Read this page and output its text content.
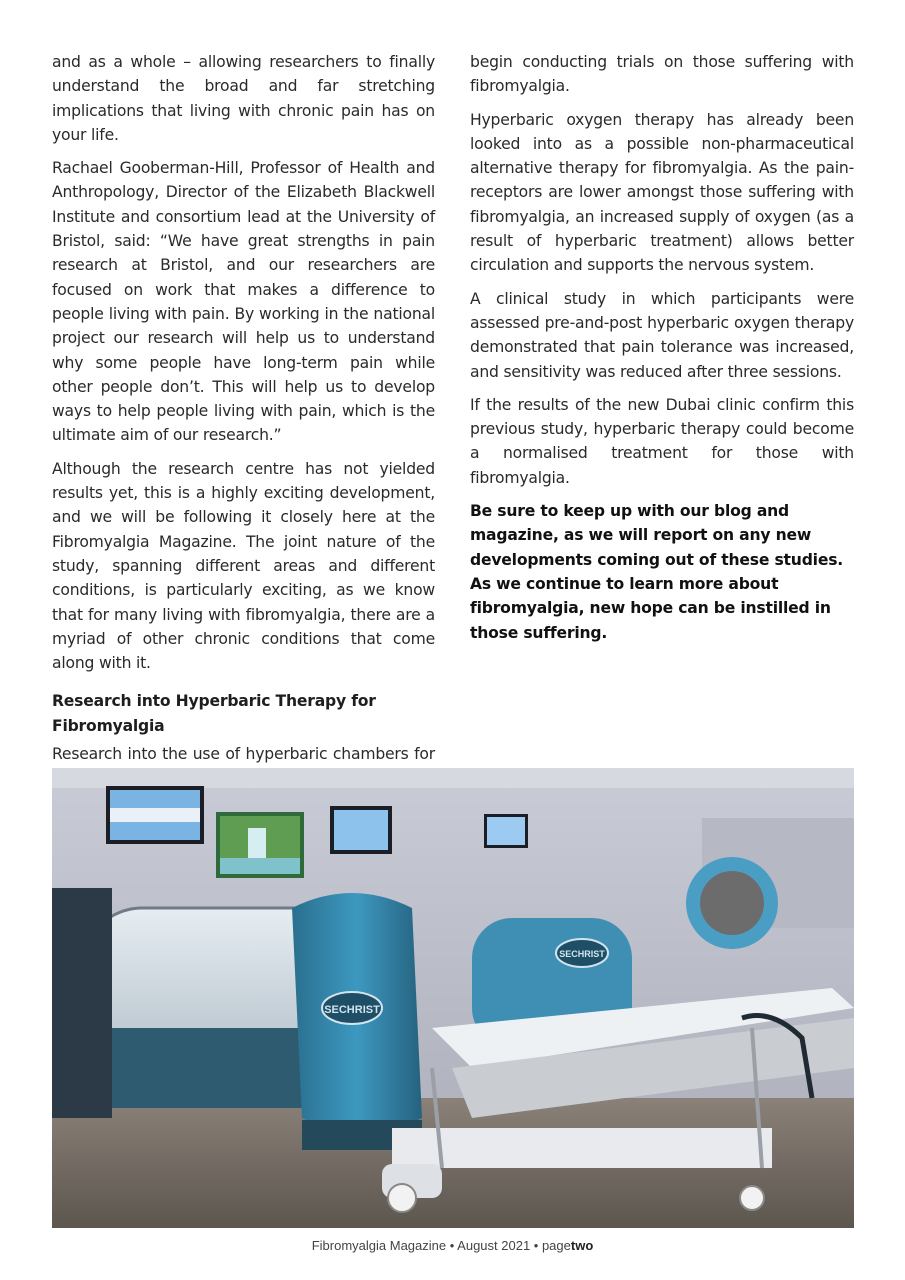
and as a whole – allowing researchers to finally understand the broad and far stretching implications that living with chronic pain has on your life.

Rachael Gooberman-Hill, Professor of Health and Anthropology, Director of the Elizabeth Blackwell Institute and consortium lead at the University of Bristol, said: “We have great strengths in pain research at Bristol, and our researchers are focused on work that makes a difference to people living with pain. By working in the national project our research will help us to understand why some people have long-term pain while other people don’t. This will help us to develop ways to help people living with pain, which is the ultimate aim of our research.”

Although the research centre has not yielded results yet, this is a highly exciting development, and we will be following it closely here at the Fibromyalgia Magazine. The joint nature of the study, spanning different areas and different conditions, is particularly exciting, as we know that for many living with fibromyalgia, there are a myriad of other chronic conditions that come along with it.

Research into Hyperbaric Therapy for Fibromyalgia

Research into the use of hyperbaric chambers for

begin conducting trials on those suffering with fibromyalgia.

Hyperbaric oxygen therapy has already been looked into as a possible non-pharmaceutical alternative therapy for fibromyalgia. As the pain-receptors are lower amongst those suffering with fibromyalgia, an increased supply of oxygen (as a result of hyperbaric treatment) allows better circulation and supports the nervous system.

A clinical study in which participants were assessed pre-and-post hyperbaric oxygen therapy demonstrated that pain tolerance was increased, and sensitivity was reduced after three sessions.

If the results of the new Dubai clinic confirm this previous study, hyperbaric therapy could become a normalised treatment for those with fibromyalgia.

Be sure to keep up with our blog and magazine, as we will report on any new developments coming out of these studies. As we continue to learn more about fibromyalgia, new hope can be instilled in those suffering.

SECHRIST
SECHRIST
Fibromyalgia Magazine • August 2021 • pagetwo
